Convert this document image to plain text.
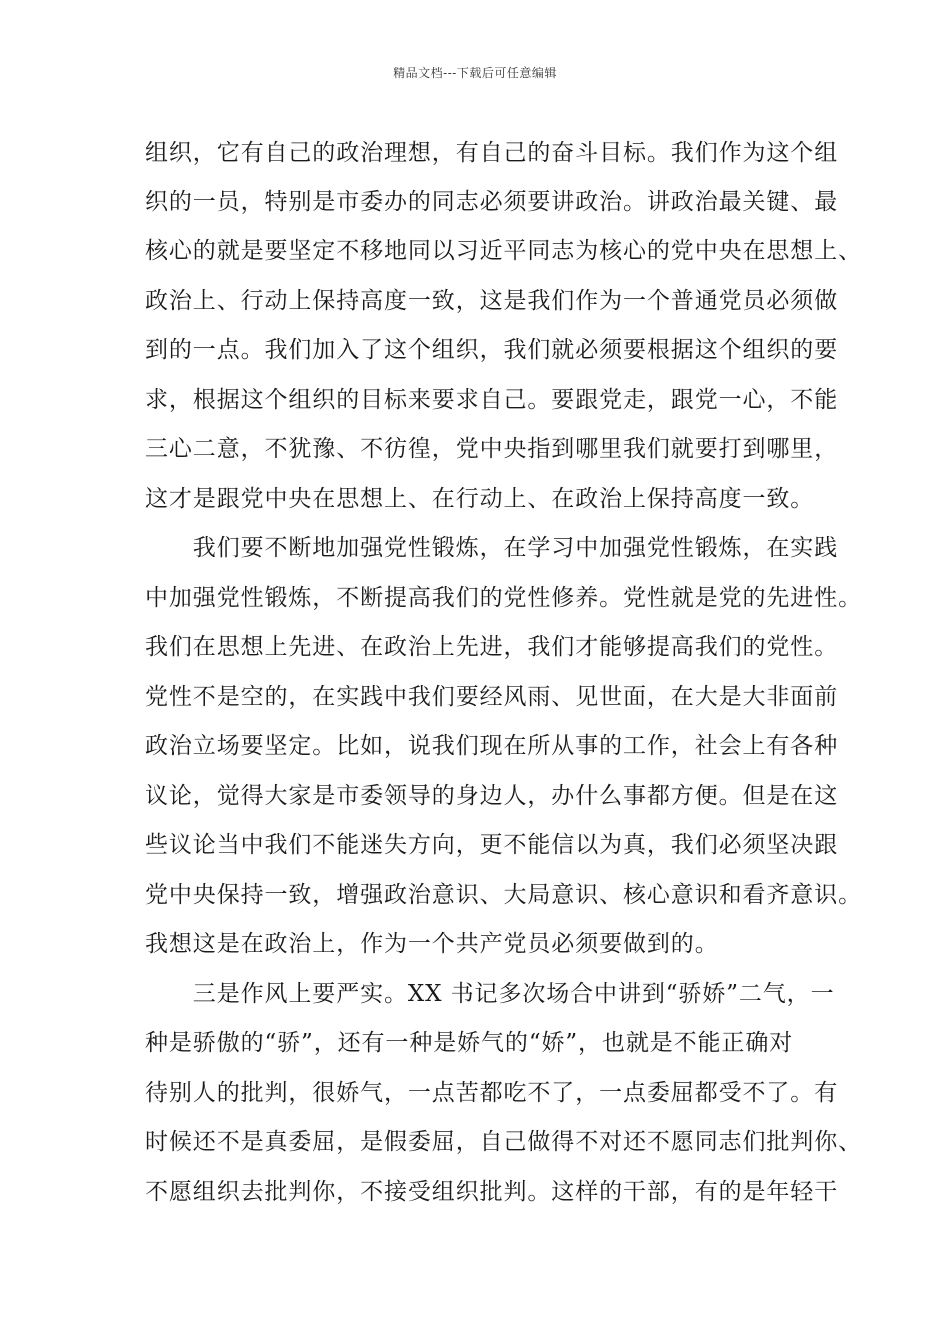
精品文档---下载后可任意编辑
组织，它有自己的政治理想，有自己的奋斗目标。我们作为这个组
织的一员，特别是市委办的同志必须要讲政治。讲政治最关键、最
核心的就是要坚定不移地同以习近平同志为核心的党中央在思想上、
政治上、行动上保持高度一致，这是我们作为一个普通党员必须做
到的一点。我们加入了这个组织，我们就必须要根据这个组织的要
求，根据这个组织的目标来要求自己。要跟党走，跟党一心，不能
三心二意，不犹豫、不彷徨，党中央指到哪里我们就要打到哪里，
这才是跟党中央在思想上、在行动上、在政治上保持高度一致。
　　我们要不断地加强党性锻炼，在学习中加强党性锻炼，在实践
中加强党性锻炼，不断提高我们的党性修养。党性就是党的先进性。
我们在思想上先进、在政治上先进，我们才能够提高我们的党性。
党性不是空的，在实践中我们要经风雨、见世面，在大是大非面前
政治立场要坚定。比如，说我们现在所从事的工作，社会上有各种
议论，觉得大家是市委领导的身边人，办什么事都方便。但是在这
些议论当中我们不能迷失方向，更不能信以为真，我们必须坚决跟
党中央保持一致，增强政治意识、大局意识、核心意识和看齐意识。
我想这是在政治上，作为一个共产党员必须要做到的。
　　三是作风上要严实。XX 书记多次场合中讲到“骄娇”二气，一
种是骄傲的“骄”，还有一种是娇气的“娇”，也就是不能正确对
待别人的批判，很娇气，一点苦都吃不了，一点委屈都受不了。有
时候还不是真委屈，是假委屈，自己做得不对还不愿同志们批判你、
不愿组织去批判你，不接受组织批判。这样的干部，有的是年轻干
